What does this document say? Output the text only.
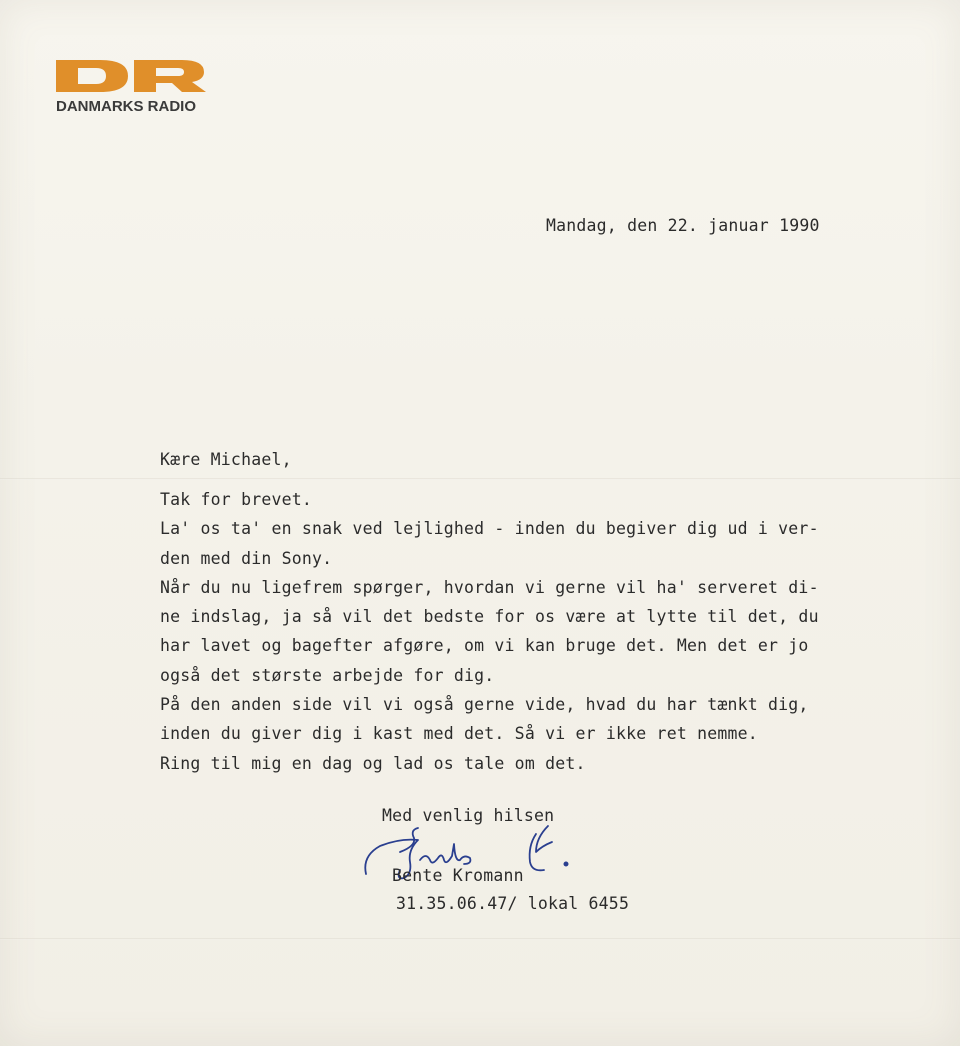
DANMARKS RADIO
Mandag, den 22. januar 1990
Kære Michael,
Tak for brevet.
La' os ta' en snak ved lejlighed - inden du begiver dig ud i ver-
den med din Sony.
Når du nu ligefrem spørger, hvordan vi gerne vil ha' serveret di-
ne indslag, ja så vil det bedste for os være at lytte til det, du
har lavet og bagefter afgøre, om vi kan bruge det. Men det er jo
også det største arbejde for dig.
På den anden side vil vi også gerne vide, hvad du har tænkt dig,
inden du giver dig i kast med det. Så vi er ikke ret nemme.
Ring til mig en dag og lad os tale om det.
Med venlig hilsen
Bente Kromann
31.35.06.47/ lokal 6455
